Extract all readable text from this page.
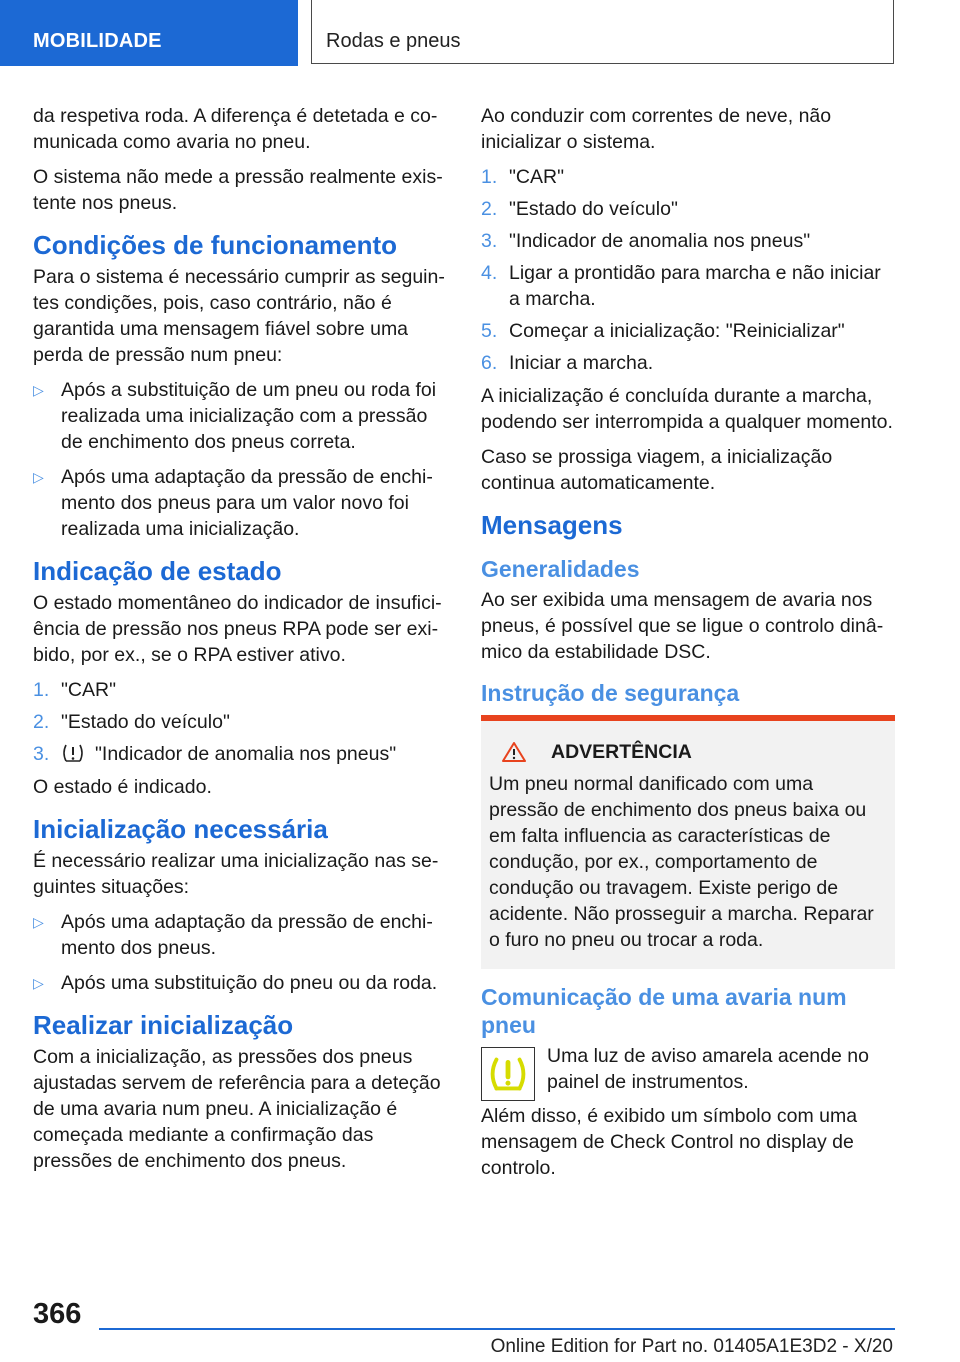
MOBILIDADE	Rodas e pneus

da respetiva roda. A diferença é detetada e comunicada como avaria no pneu.

O sistema não mede a pressão realmente existente nos pneus.

Condições de funcionamento

Para o sistema é necessário cumprir as seguintes condições, pois, caso contrário, não é garantida uma mensagem fiável sobre uma perda de pressão num pneu:

▷ Após a substituição de um pneu ou roda foi realizada uma inicialização com a pressão de enchimento dos pneus correta.
▷ Após uma adaptação da pressão de enchimento dos pneus para um valor novo foi realizada uma inicialização.
Indicação de estado

O estado momentâneo do indicador de insuficiência de pressão nos pneus RPA pode ser exibido, por ex., se o RPA estiver ativo.

1. "CAR"
2. "Estado do veículo"
3. "Indicador de anomalia nos pneus"

O estado é indicado.

Inicialização necessária

É necessário realizar uma inicialização nas seguintes situações:

▷ Após uma adaptação da pressão de enchimento dos pneus.
▷ Após uma substituição do pneu ou da roda.
Realizar inicialização

Com a inicialização, as pressões dos pneus ajustadas servem de referência para a deteção de uma avaria num pneu. A inicialização é começada mediante a confirmação das pressões de enchimento dos pneus.

Ao conduzir com correntes de neve, não inicializar o sistema.

1. "CAR"
2. "Estado do veículo"
3. "Indicador de anomalia nos pneus"
4. Ligar a prontidão para marcha e não iniciar a marcha.
5. Começar a inicialização: "Reinicializar"
6. Iniciar a marcha.

A inicialização é concluída durante a marcha, podendo ser interrompida a qualquer momento.

Caso se prossiga viagem, a inicialização continua automaticamente.

Mensagens
Generalidades

Ao ser exibida uma mensagem de avaria nos pneus, é possível que se ligue o controlo dinâmico da estabilidade DSC.

Instrução de segurança
ADVERTÊNCIA

Um pneu normal danificado com uma pressão de enchimento dos pneus baixa ou em falta influencia as características de condução, por ex., comportamento de condução ou travagem. Existe perigo de acidente. Não prosseguir a marcha. Reparar o furo no pneu ou trocar a roda.

Comunicação de uma avaria num pneu

Uma luz de aviso amarela acende no painel de instrumentos.

Além disso, é exibido um símbolo com uma mensagem de Check Control no display de controlo.

366
Online Edition for Part no. 01405A1E3D2 - X/20
